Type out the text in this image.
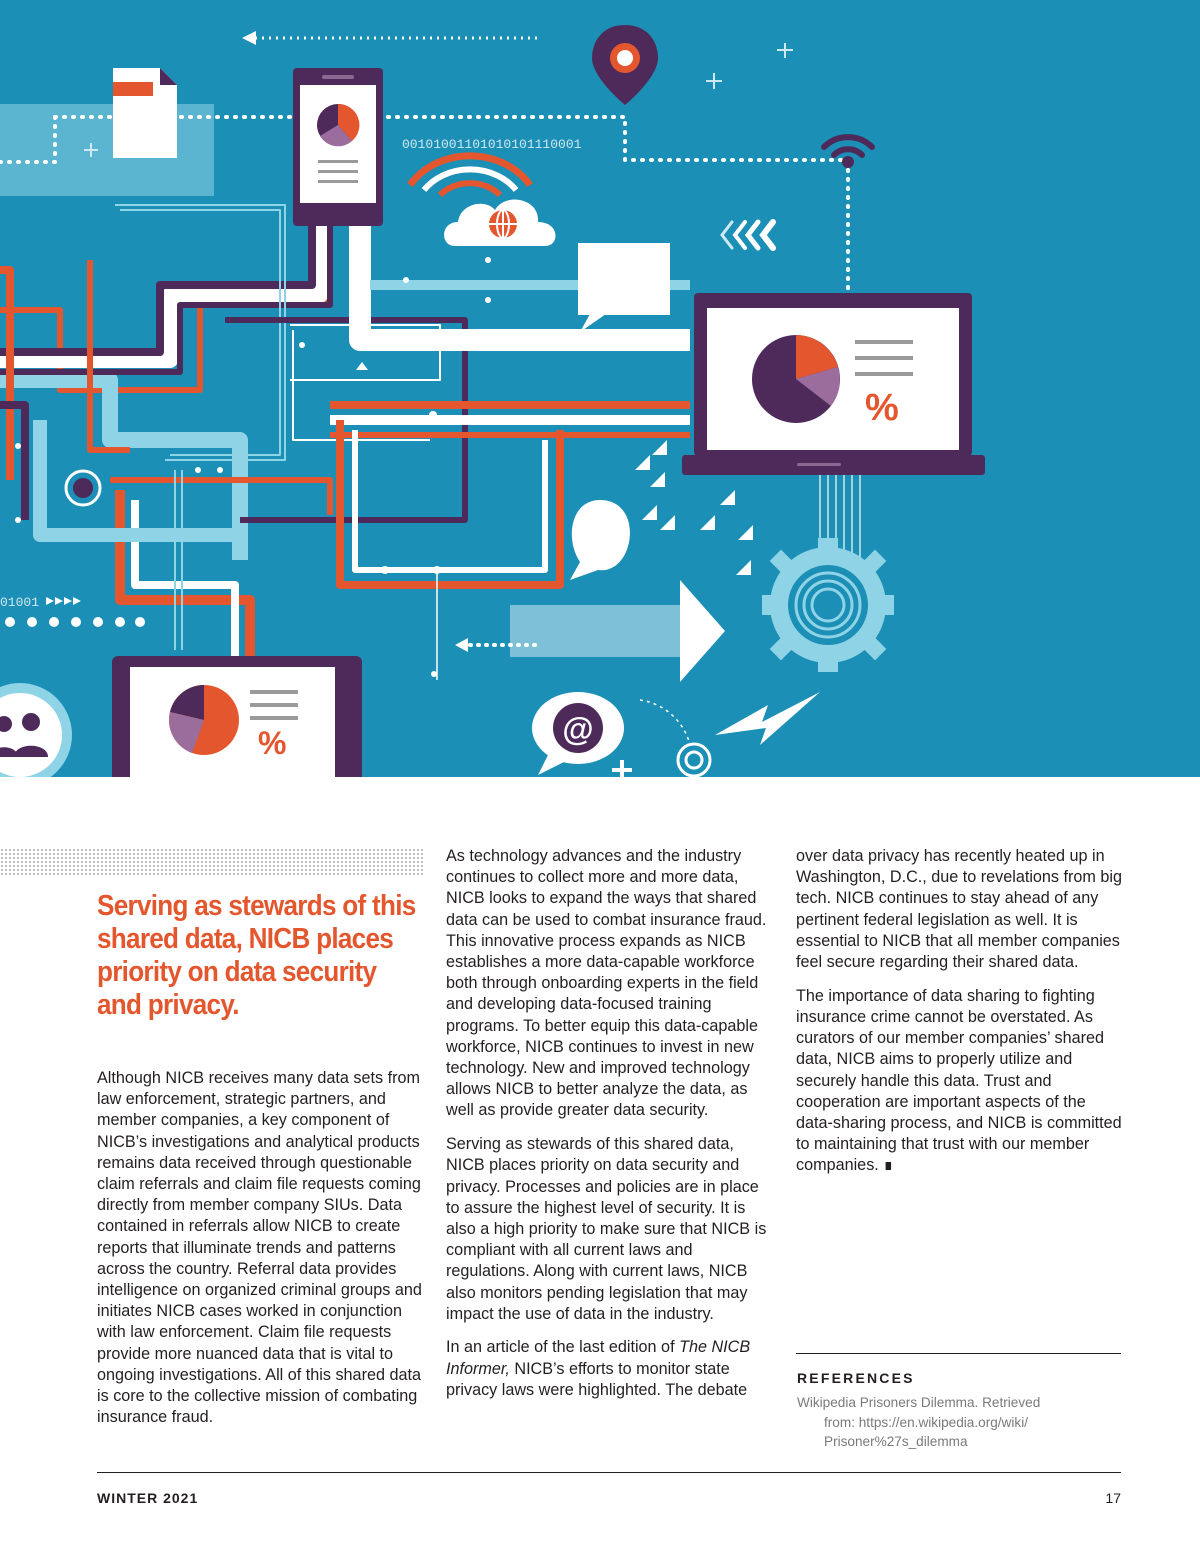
00101001101010101110001
01001
%
@
%
Serving as stewards of this shared data, NICB places priority on data security and privacy.

Although NICB receives many data sets from law enforcement, strategic partners, and member companies, a key component of NICB’s investigations and analytical products remains data received through questionable claim referrals and claim file requests coming directly from member company SIUs. Data contained in referrals allow NICB to create reports that illuminate trends and patterns across the country. Referral data provides intelligence on organized criminal groups and initiates NICB cases worked in conjunction with law enforcement. Claim file requests provide more nuanced data that is vital to ongoing investigations. All of this shared data is core to the collective mission of combating insurance fraud.

As technology advances and the industry continues to collect more and more data, NICB looks to expand the ways that shared data can be used to combat insurance fraud. This innovative process expands as NICB establishes a more data-capable workforce both through onboarding experts in the field and developing data-focused training programs. To better equip this data-capable workforce, NICB continues to invest in new technology. New and improved technology allows NICB to better analyze the data, as well as provide greater data security.

Serving as stewards of this shared data, NICB places priority on data security and privacy. Processes and policies are in place to assure the highest level of security. It is also a high priority to make sure that NICB is compliant with all current laws and regulations. Along with current laws, NICB also monitors pending legislation that may impact the use of data in the industry.

In an article of the last edition of The NICB Informer, NICB’s efforts to monitor state privacy laws were highlighted. The debate

over data privacy has recently heated up in Washington, D.C., due to revelations from big tech. NICB continues to stay ahead of any pertinent federal legislation as well. It is essential to NICB that all member companies feel secure regarding their shared data.

The importance of data sharing to fighting insurance crime cannot be overstated. As curators of our member companies’ shared data, NICB aims to properly utilize and securely handle this data. Trust and cooperation are important aspects of the data-sharing process, and NICB is committed to maintaining that trust with our member companies. ∎

REFERENCES
Wikipedia Prisoners Dilemma. Retrieved
from: https://en.wikipedia.org/wiki/
Prisoner%27s_dilemma
WINTER 2021	17
